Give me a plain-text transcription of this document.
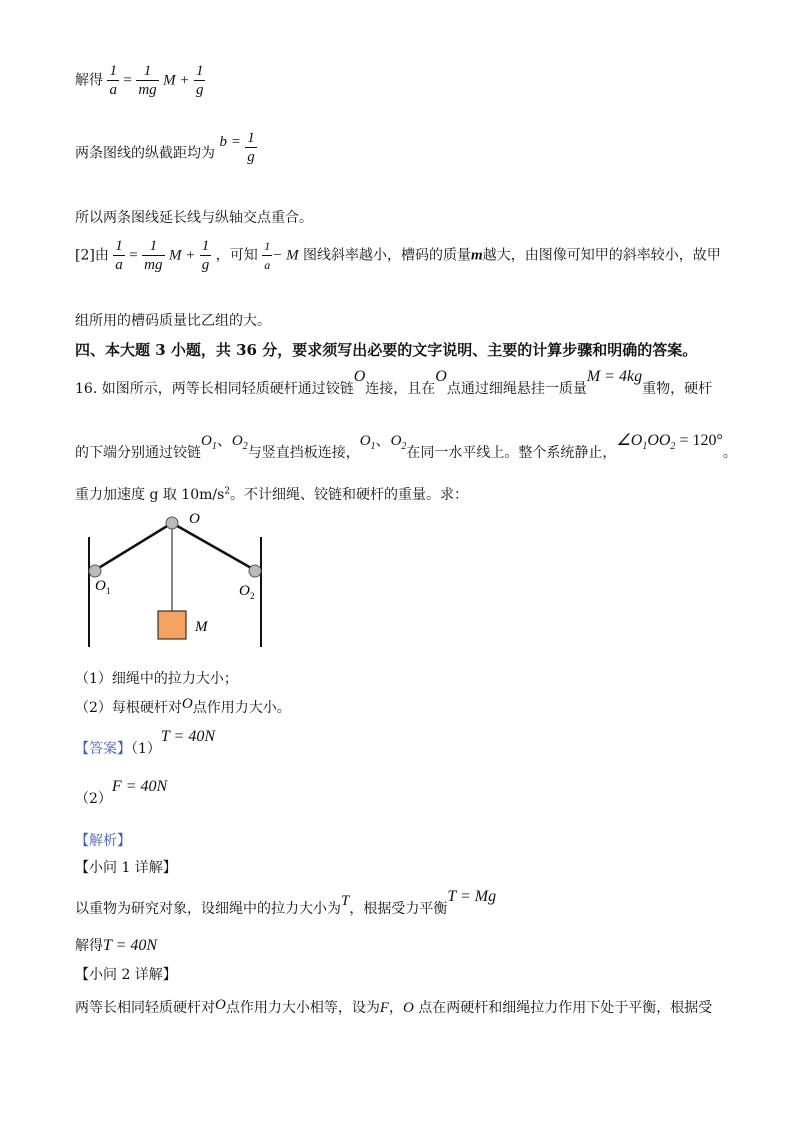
解得 $\frac{1}{a} = \frac{1}{mg}$ $M + \frac{1}{g}$
两条图线的纵截距均为 $b = \frac{1}{g}$
所以两条图线延长线与纵轴交点重合。
[2]由 $\frac{1}{a} = \frac{1}{mg}$ $M + \frac{1}{g}$ ，可知 $\frac{1}{a} - M$ 图线斜率越小，槽码的质量m越大，由图像可知甲的斜率较小，故甲
组所用的槽码质量比乙组的大。
四、本大题 3 小题，共 36 分，要求须写出必要的文字说明、主要的计算步骤和明确的答案。
16. 如图所示，两等长相同轻质硬杆通过铰链O连接，且在O点通过细绳悬挂一质量M = 4kg重物，硬杆
的下端分别通过铰链$O_1$、$O_2$与竖直挡板连接，$O_1$、$O_2$在同一水平线上。整个系统静止，$\angle O_1OO_2 = 120^\circ$。
重力加速度 g 取 $10m/s^2$。不计细绳、铰链和硬杆的重量。求：
O
O 1	O 2
M
（1）细绳中的拉力大小；
（2）每根硬杆对O点作用力大小。
【答案】（1）T = 40N
（2）F = 40N
【解析】
【小问 1 详解】
以重物为研究对象，设细绳中的拉力大小为T，根据受力平衡T = Mg
解得T = 40N
【小问 2 详解】
两等长相同轻质硬杆对O点作用力大小相等，设为F，O 点在两硬杆和细绳拉力作用下处于平衡，根据受
